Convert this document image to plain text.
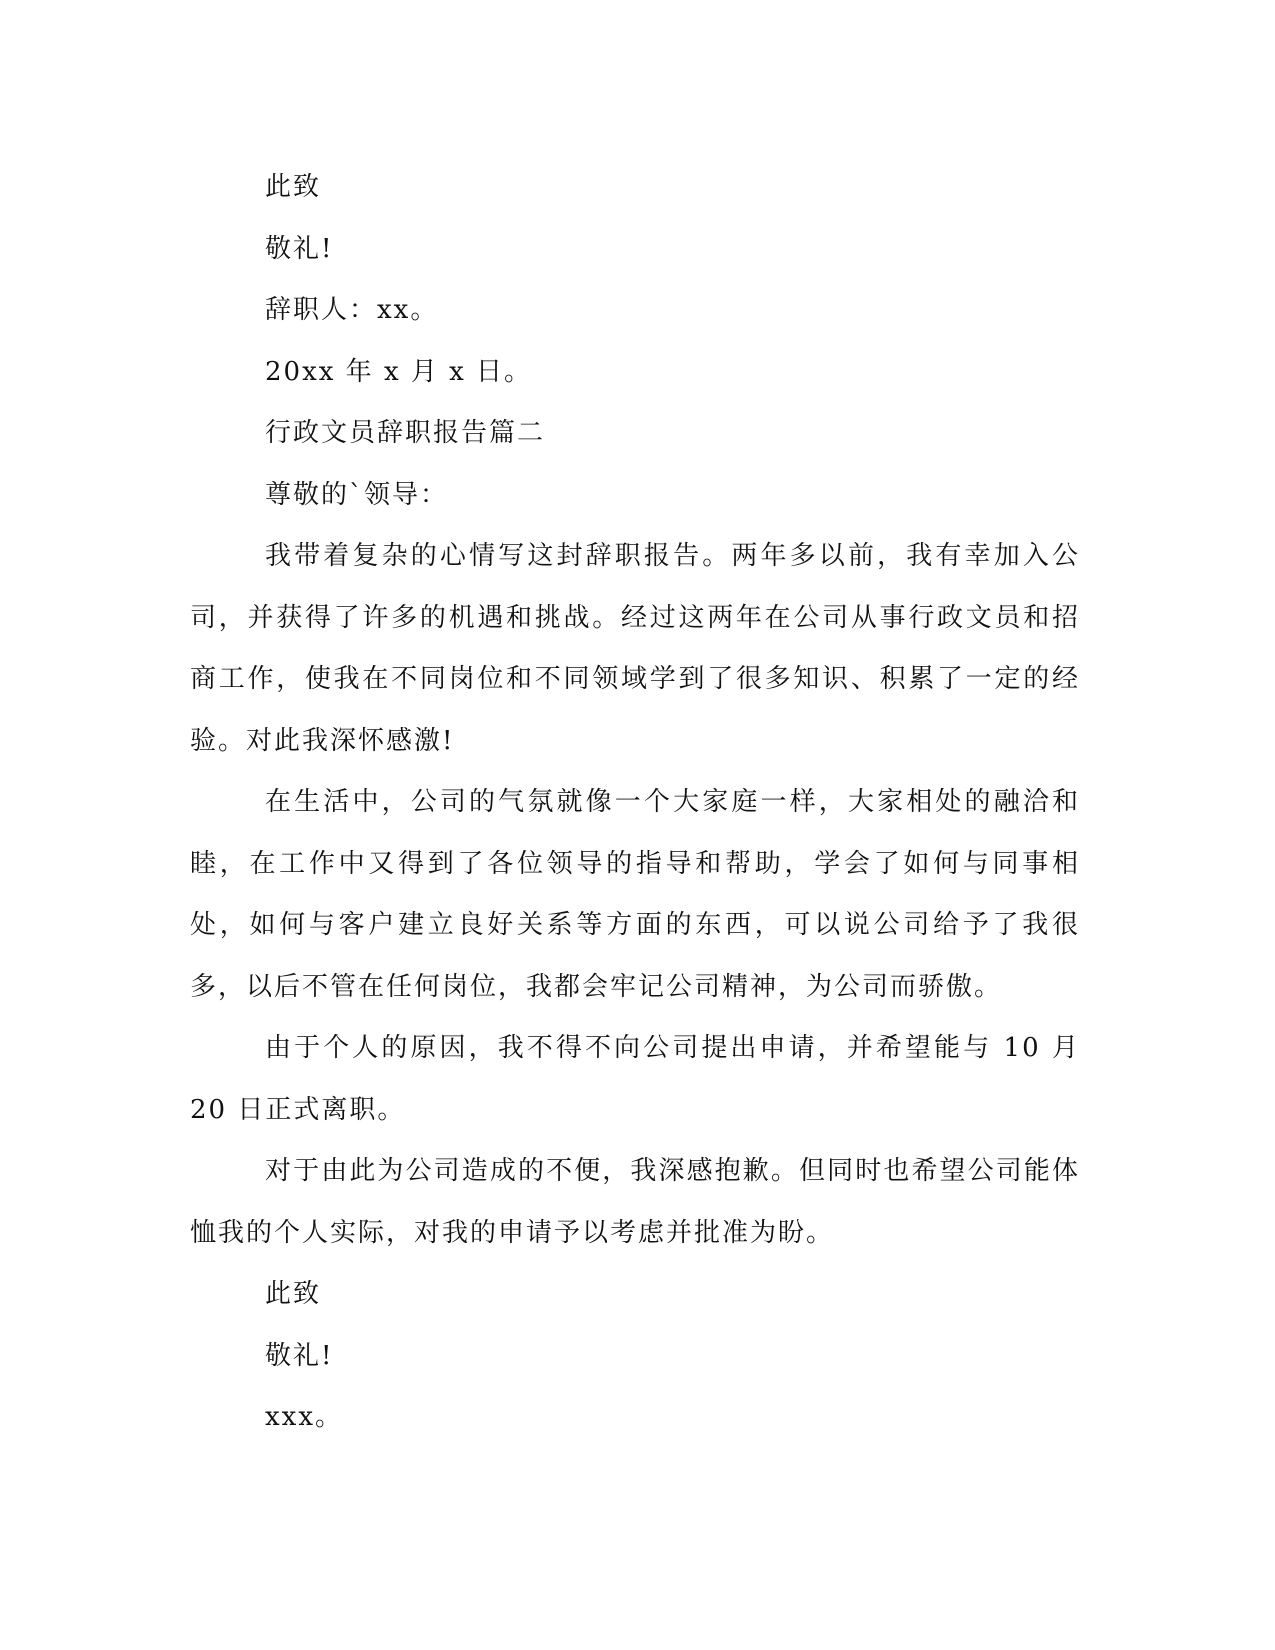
此致

敬礼!

辞职人：xx。

20xx 年 x 月 x 日。

行政文员辞职报告篇二

尊敬的`领导：

我带着复杂的心情写这封辞职报告。两年多以前，我有幸加入公司，并获得了许多的机遇和挑战。经过这两年在公司从事行政文员和招商工作，使我在不同岗位和不同领域学到了很多知识、积累了一定的经验。对此我深怀感激!

在生活中，公司的气氛就像一个大家庭一样，大家相处的融洽和睦，在工作中又得到了各位领导的指导和帮助，学会了如何与同事相处，如何与客户建立良好关系等方面的东西，可以说公司给予了我很多，以后不管在任何岗位，我都会牢记公司精神，为公司而骄傲。

由于个人的原因，我不得不向公司提出申请，并希望能与 10 月 20 日正式离职。

对于由此为公司造成的不便，我深感抱歉。但同时也希望公司能体恤我的个人实际，对我的申请予以考虑并批准为盼。

此致

敬礼!

xxx。
